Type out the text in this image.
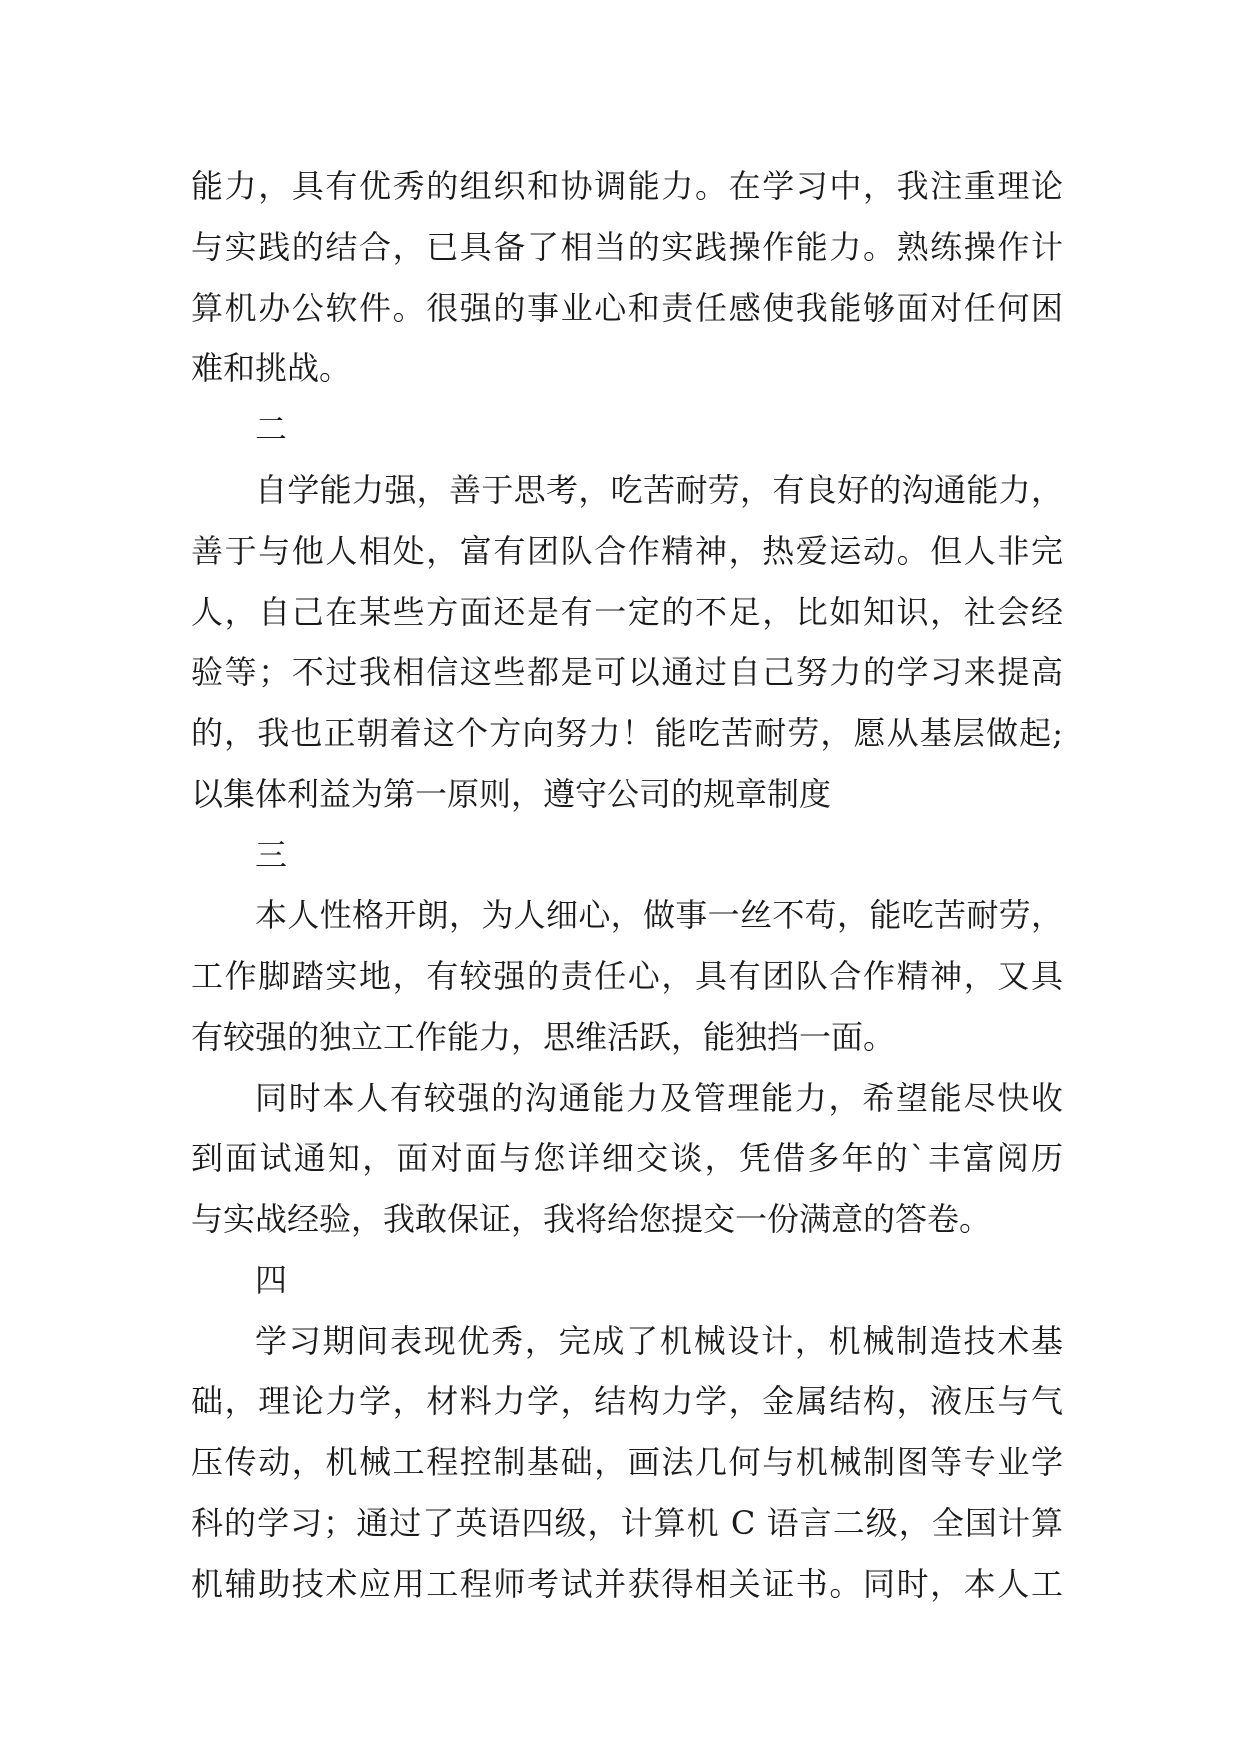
能力，具有优秀的组织和协调能力。在学习中，我注重理论
与实践的结合，已具备了相当的实践操作能力。熟练操作计
算机办公软件。很强的事业心和责任感使我能够面对任何困
难和挑战。
二
自学能力强，善于思考，吃苦耐劳，有良好的沟通能力，
善于与他人相处，富有团队合作精神，热爱运动。但人非完
人，自己在某些方面还是有一定的不足，比如知识，社会经
验等；不过我相信这些都是可以通过自己努力的学习来提高
的，我也正朝着这个方向努力！能吃苦耐劳，愿从基层做起;
以集体利益为第一原则，遵守公司的规章制度
三
本人性格开朗，为人细心，做事一丝不苟，能吃苦耐劳，
工作脚踏实地，有较强的责任心，具有团队合作精神，又具
有较强的独立工作能力，思维活跃，能独挡一面。
同时本人有较强的沟通能力及管理能力，希望能尽快收
到面试通知，面对面与您详细交谈，凭借多年的`丰富阅历
与实战经验，我敢保证，我将给您提交一份满意的答卷。
四
学习期间表现优秀，完成了机械设计，机械制造技术基
础，理论力学，材料力学，结构力学，金属结构，液压与气
压传动，机械工程控制基础，画法几何与机械制图等专业学
科的学习；通过了英语四级，计算机 C 语言二级，全国计算
机辅助技术应用工程师考试并获得相关证书。同时，本人工
